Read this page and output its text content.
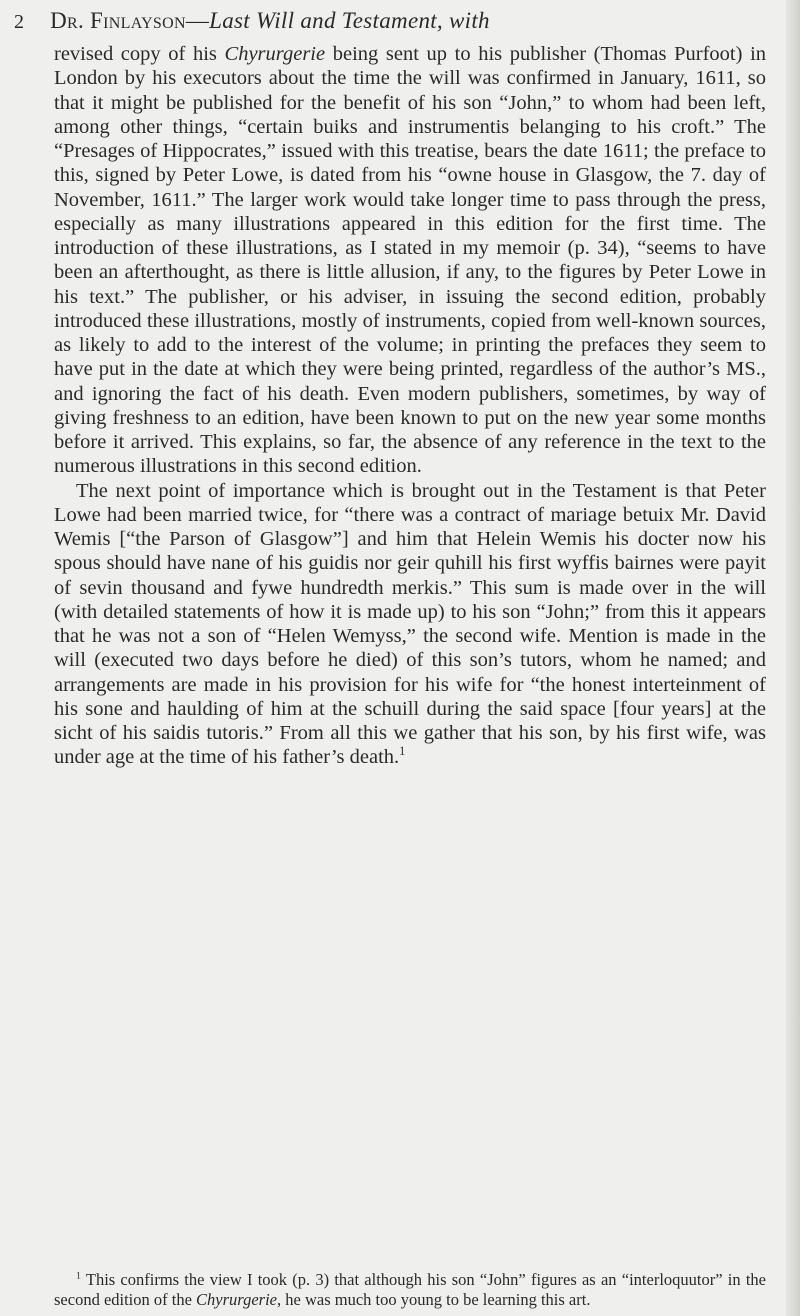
2 Dr. Finlayson—Last Will and Testament, with

revised copy of his Chyrurgerie being sent up to his publisher (Thomas Purfoot) in London by his executors about the time the will was confirmed in January, 1611, so that it might be published for the benefit of his son “John,” to whom had been left, among other things, “certain buiks and instrumentis belanging to his croft.” The “Presages of Hippocrates,” issued with this treatise, bears the date 1611; the preface to this, signed by Peter Lowe, is dated from his “owne house in Glasgow, the 7. day of November, 1611.” The larger work would take longer time to pass through the press, especially as many illustrations appeared in this edition for the first time. The introduction of these illustrations, as I stated in my memoir (p. 34), “seems to have been an afterthought, as there is little allusion, if any, to the figures by Peter Lowe in his text.” The publisher, or his adviser, in issuing the second edition, probably introduced these illustrations, mostly of instruments, copied from well-known sources, as likely to add to the interest of the volume; in printing the prefaces they seem to have put in the date at which they were being printed, regardless of the author’s MS., and ignoring the fact of his death. Even modern publishers, sometimes, by way of giving freshness to an edition, have been known to put on the new year some months before it arrived. This explains, so far, the absence of any reference in the text to the numerous illustrations in this second edition.

The next point of importance which is brought out in the Testament is that Peter Lowe had been married twice, for “there was a contract of mariage betuix Mr. David Wemis [“the Parson of Glasgow”] and him that Helein Wemis his docter now his spous should have nane of his guidis nor geir quhill his first wyffis bairnes were payit of sevin thousand and fywe hundredth merkis.” This sum is made over in the will (with detailed statements of how it is made up) to his son “John;” from this it appears that he was not a son of “Helen Wemyss,” the second wife. Mention is made in the will (executed two days before he died) of this son’s tutors, whom he named; and arrangements are made in his provision for his wife for “the honest interteinment of his sone and haulding of him at the schuill during the said space [four years] at the sicht of his saidis tutoris.” From all this we gather that his son, by his first wife, was under age at the time of his father’s death.$^1$

$^1$ This confirms the view I took (p. 3) that although his son “John” figures as an “interloquutor” in the second edition of the Chyrurgerie, he was much too young to be learning this art.
